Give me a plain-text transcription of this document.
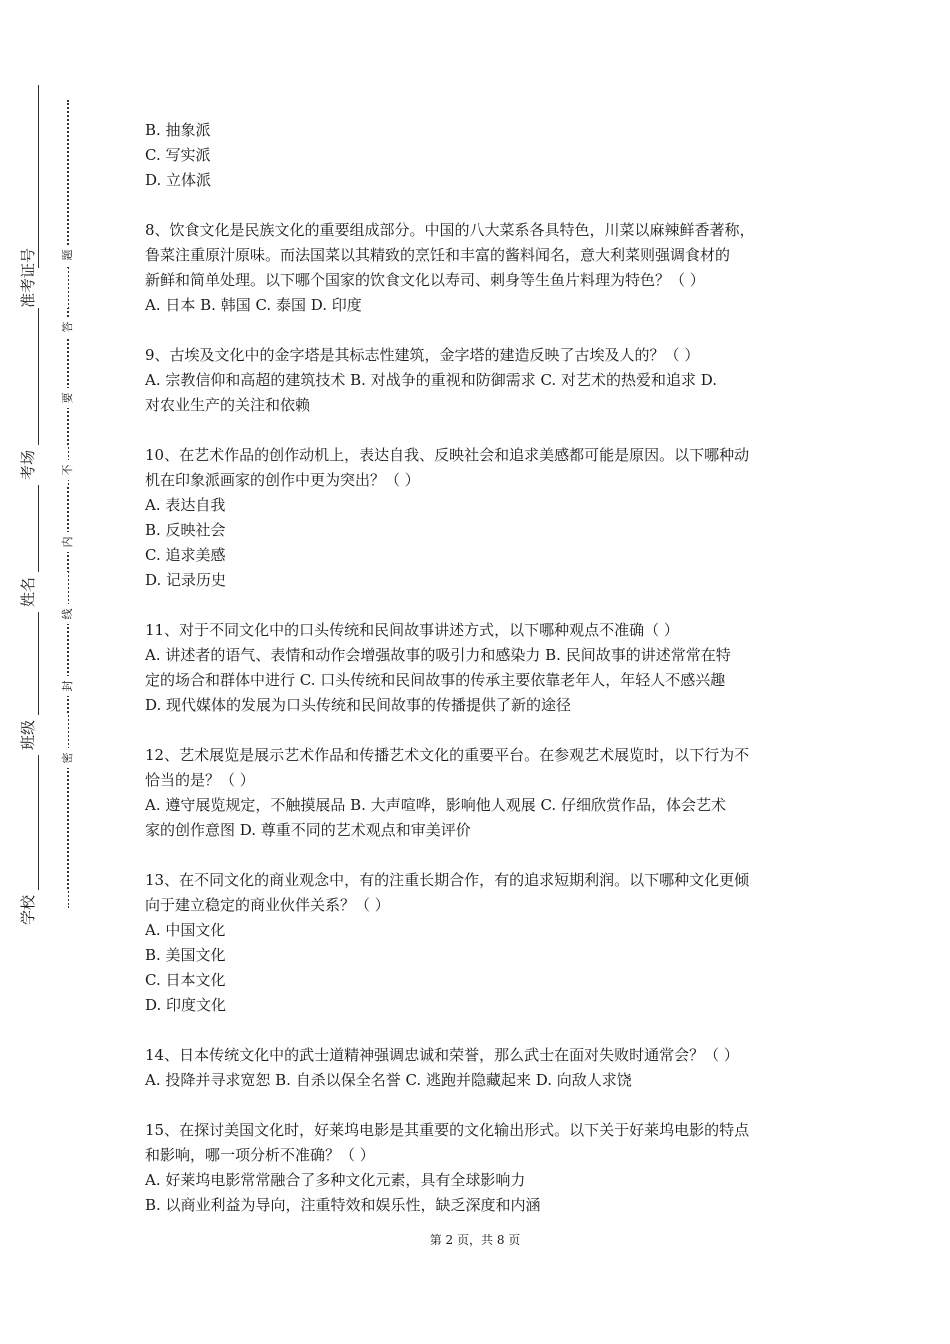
准考证号
考场
姓名
班级
学校
题
答
要
不
内
线
封
密
B. 抽象派
C. 写实派
D. 立体派
8、饮食文化是民族文化的重要组成部分。中国的八大菜系各具特色，川菜以麻辣鲜香著称，
鲁菜注重原汁原味。而法国菜以其精致的烹饪和丰富的酱料闻名，意大利菜则强调食材的
新鲜和简单处理。以下哪个国家的饮食文化以寿司、刺身等生鱼片料理为特色？（ ）
A. 日本 B. 韩国 C. 泰国 D. 印度
9、古埃及文化中的金字塔是其标志性建筑，金字塔的建造反映了古埃及人的？（ ）
A. 宗教信仰和高超的建筑技术 B. 对战争的重视和防御需求 C. 对艺术的热爱和追求 D.
对农业生产的关注和依赖
10、在艺术作品的创作动机上，表达自我、反映社会和追求美感都可能是原因。以下哪种动
机在印象派画家的创作中更为突出？（ ）
A. 表达自我
B. 反映社会
C. 追求美感
D. 记录历史
11、对于不同文化中的口头传统和民间故事讲述方式，以下哪种观点不准确（ ）
A. 讲述者的语气、表情和动作会增强故事的吸引力和感染力 B. 民间故事的讲述常常在特
定的场合和群体中进行 C. 口头传统和民间故事的传承主要依靠老年人，年轻人不感兴趣
D. 现代媒体的发展为口头传统和民间故事的传播提供了新的途径
12、艺术展览是展示艺术作品和传播艺术文化的重要平台。在参观艺术展览时，以下行为不
恰当的是？（ ）
A. 遵守展览规定，不触摸展品 B. 大声喧哗，影响他人观展 C. 仔细欣赏作品，体会艺术
家的创作意图 D. 尊重不同的艺术观点和审美评价
13、在不同文化的商业观念中，有的注重长期合作，有的追求短期利润。以下哪种文化更倾
向于建立稳定的商业伙伴关系？（ ）
A. 中国文化
B. 美国文化
C. 日本文化
D. 印度文化
14、日本传统文化中的武士道精神强调忠诚和荣誉，那么武士在面对失败时通常会？（ ）
A. 投降并寻求宽恕 B. 自杀以保全名誉 C. 逃跑并隐藏起来 D. 向敌人求饶
15、在探讨美国文化时，好莱坞电影是其重要的文化输出形式。以下关于好莱坞电影的特点
和影响，哪一项分析不准确？（ ）
A. 好莱坞电影常常融合了多种文化元素，具有全球影响力
B. 以商业利益为导向，注重特效和娱乐性，缺乏深度和内涵
第 2 页，共 8 页
